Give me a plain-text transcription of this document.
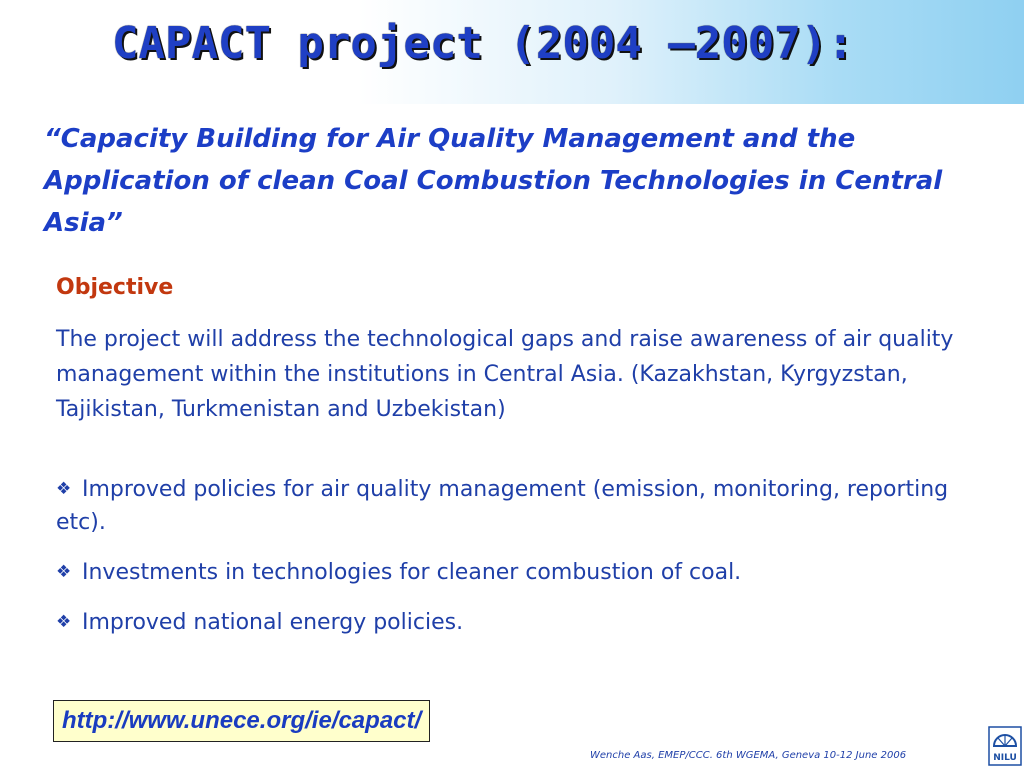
CAPACT project (2004 –2007):

“Capacity Building for Air Quality Management and the Application of clean Coal Combustion Technologies in Central Asia”

Objective

The project will address the technological gaps and raise awareness of air quality management within the institutions in Central Asia. (Kazakhstan, Kyrgyzstan, Tajikistan, Turkmenistan and Uzbekistan)

❖ Improved policies for air quality management (emission, monitoring, reporting etc).
❖ Investments in technologies for cleaner combustion of coal.
❖ Improved national energy policies.
http://www.unece.org/ie/capact/

Wenche Aas, EMEP/CCC. 6th WGEMA, Geneva 10-12 June 2006	NILU
